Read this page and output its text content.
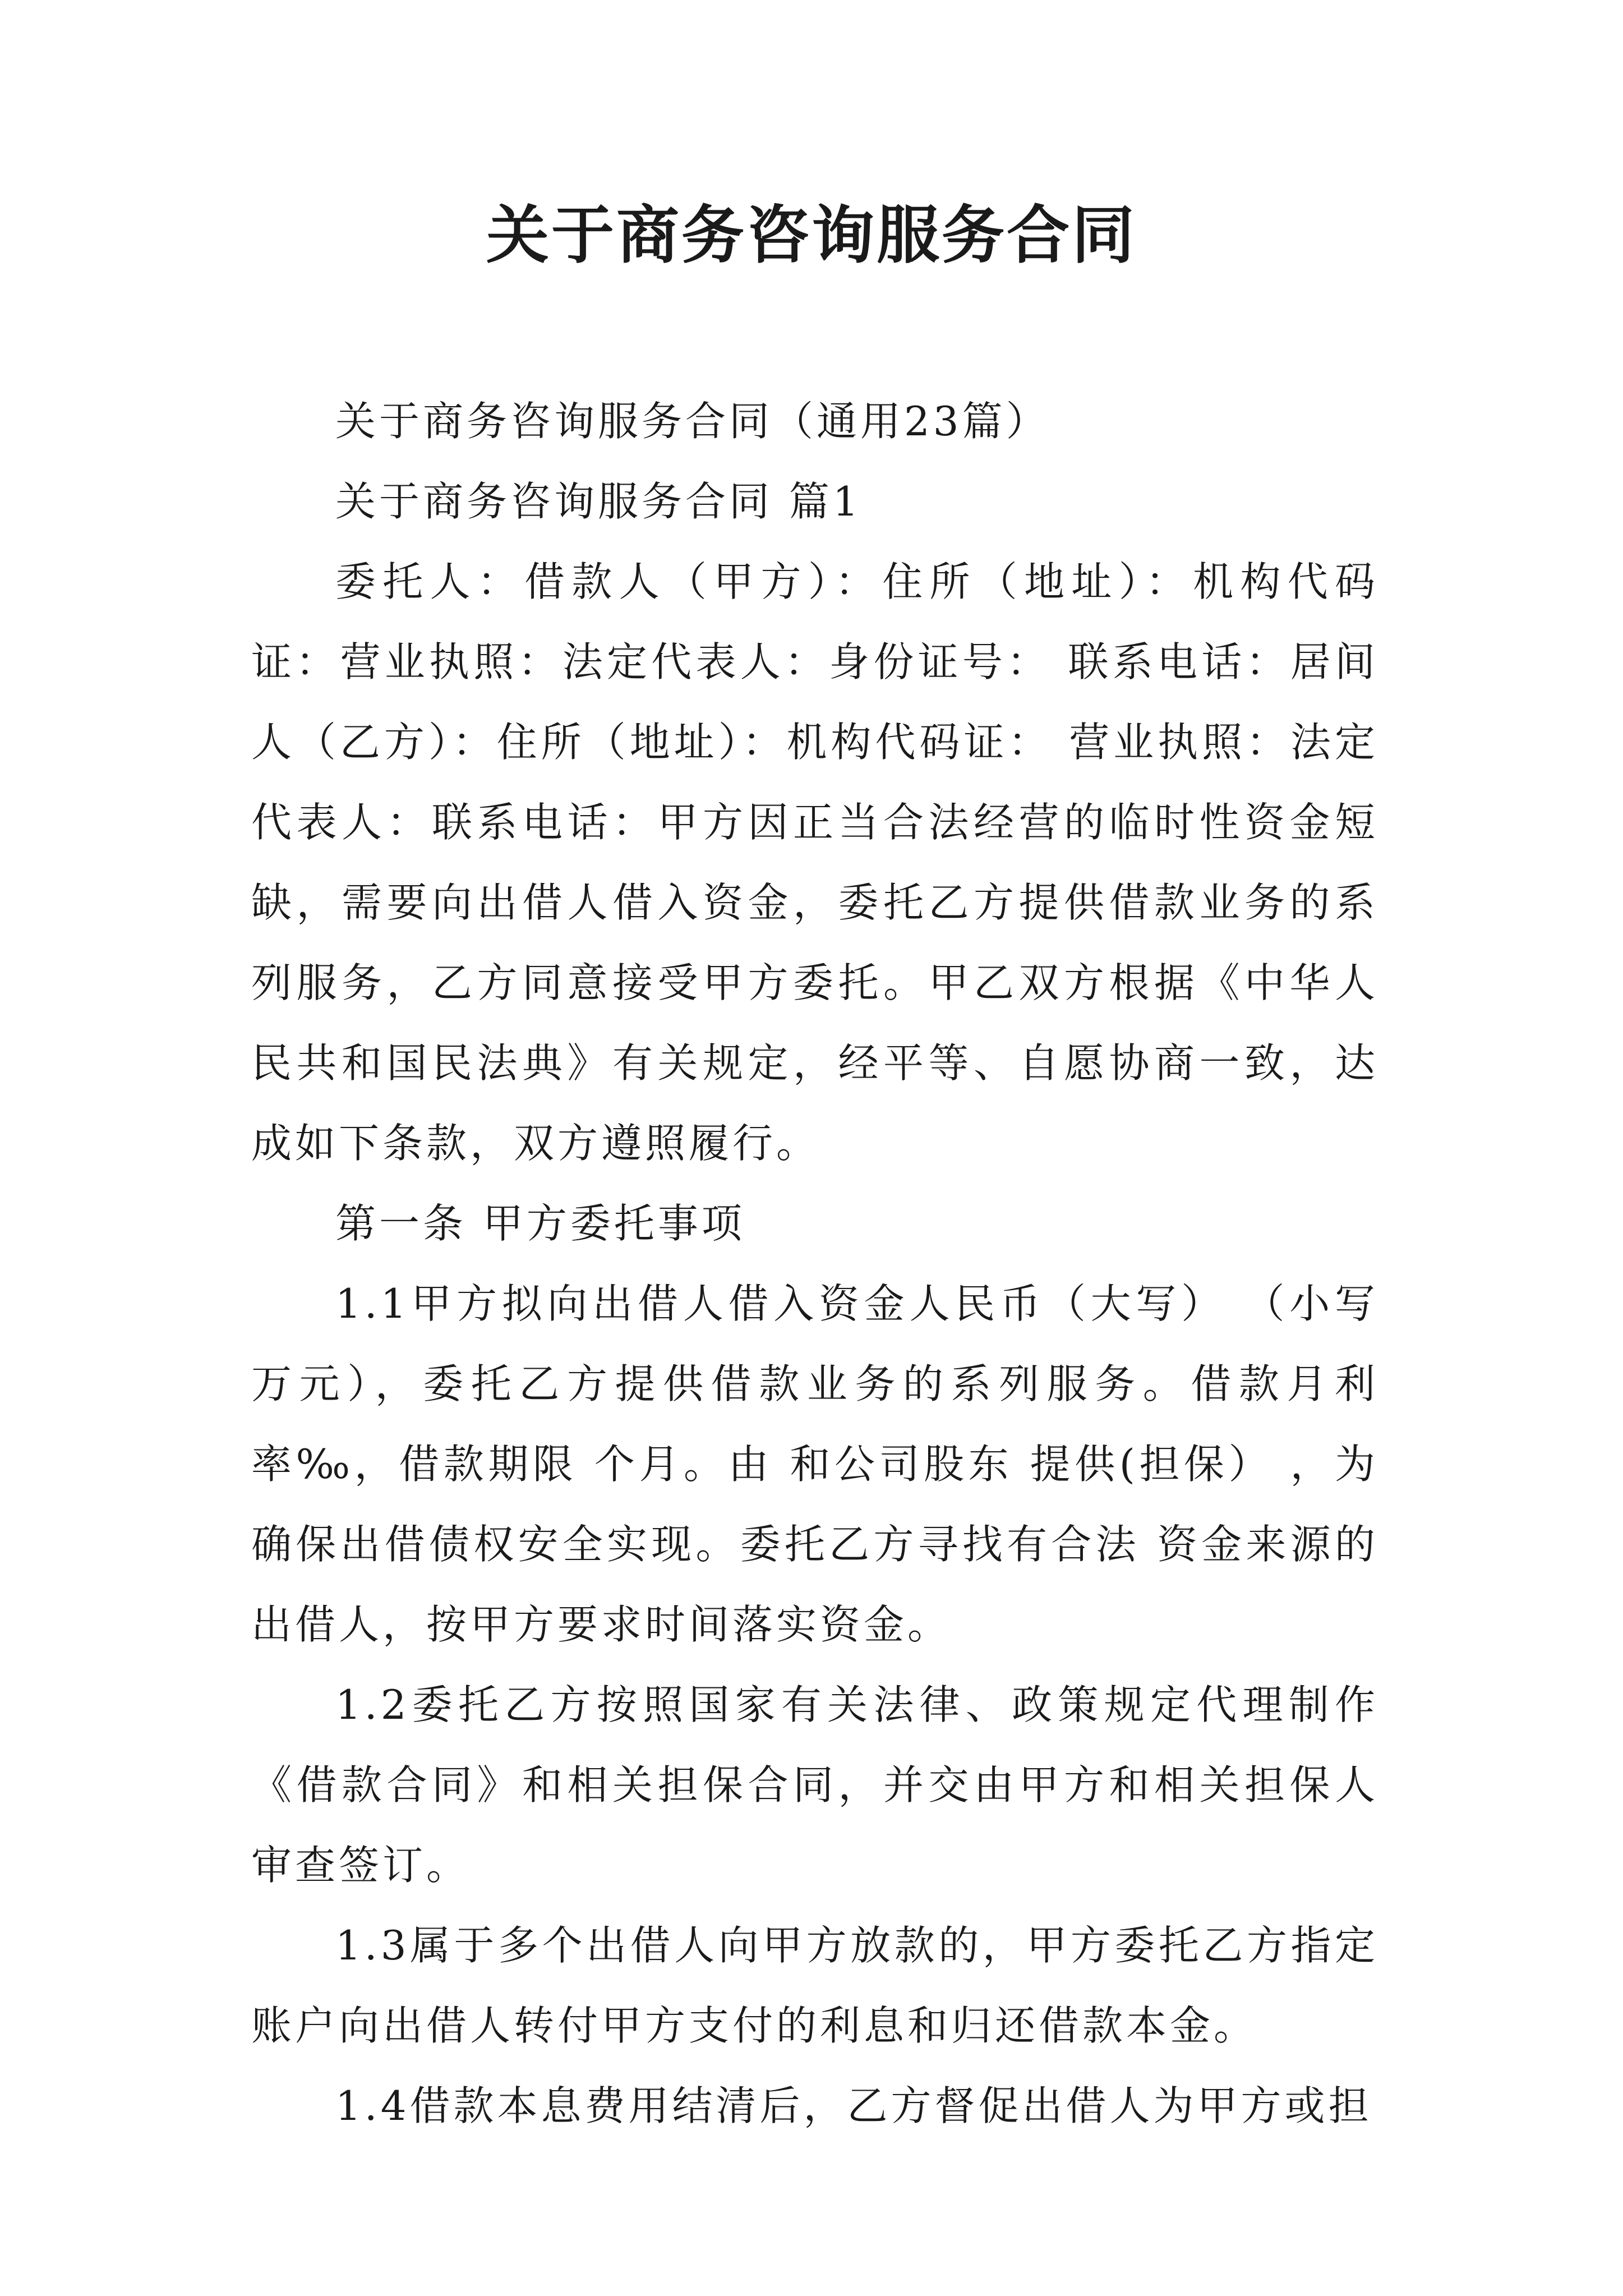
关于商务咨询服务合同

关于商务咨询服务合同（通用23篇）

关于商务咨询服务合同 篇1

委托人：借款人（甲方）：住所（地址）：机构代码证：营业执照：法定代表人：身份证号： 联系电话：居间人（乙方）：住所（地址）：机构代码证： 营业执照：法定代表人：联系电话：甲方因正当合法经营的临时性资金短缺，需要向出借人借入资金，委托乙方提供借款业务的系列服务，乙方同意接受甲方委托。甲乙双方根据《中华人民共和国民法典》有关规定，经平等、自愿协商一致，达成如下条款，双方遵照履行。

第一条 甲方委托事项

1.1甲方拟向出借人借入资金人民币（大写） （小写 万元），委托乙方提供借款业务的系列服务。借款月利率‰，借款期限 个月。由 和公司股东 提供(担保） ，为确保出借债权安全实现。委托乙方寻找有合法 资金来源的出借人，按甲方要求时间落实资金。

1.2委托乙方按照国家有关法律、政策规定代理制作《借款合同》和相关担保合同，并交由甲方和相关担保人审查签订。

1.3属于多个出借人向甲方放款的，甲方委托乙方指定账户向出借人转付甲方支付的利息和归还借款本金。

1.4借款本息费用结清后，乙方督促出借人为甲方或担
